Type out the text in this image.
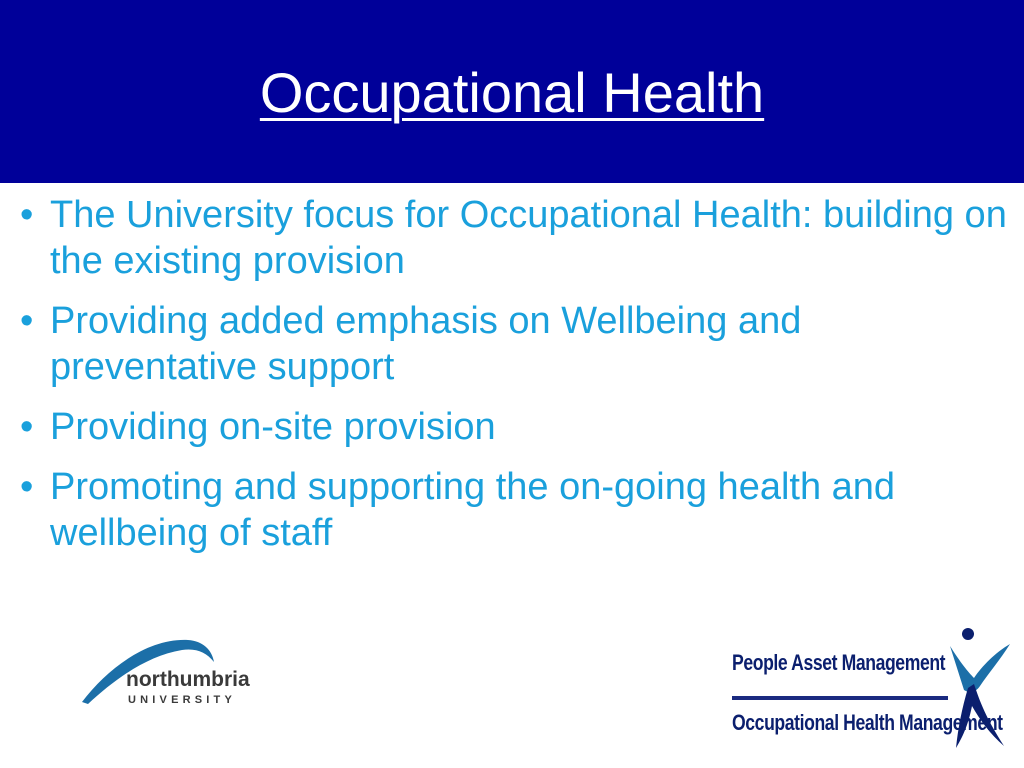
Occupational Health
• The University focus for Occupational Health: building on the existing provision
• Providing added emphasis on Wellbeing and preventative support
• Providing on-site provision
• Promoting and supporting the on-going health and wellbeing of staff
northumbria
UNIVERSITY
People Asset Management
Occupational Health Management
